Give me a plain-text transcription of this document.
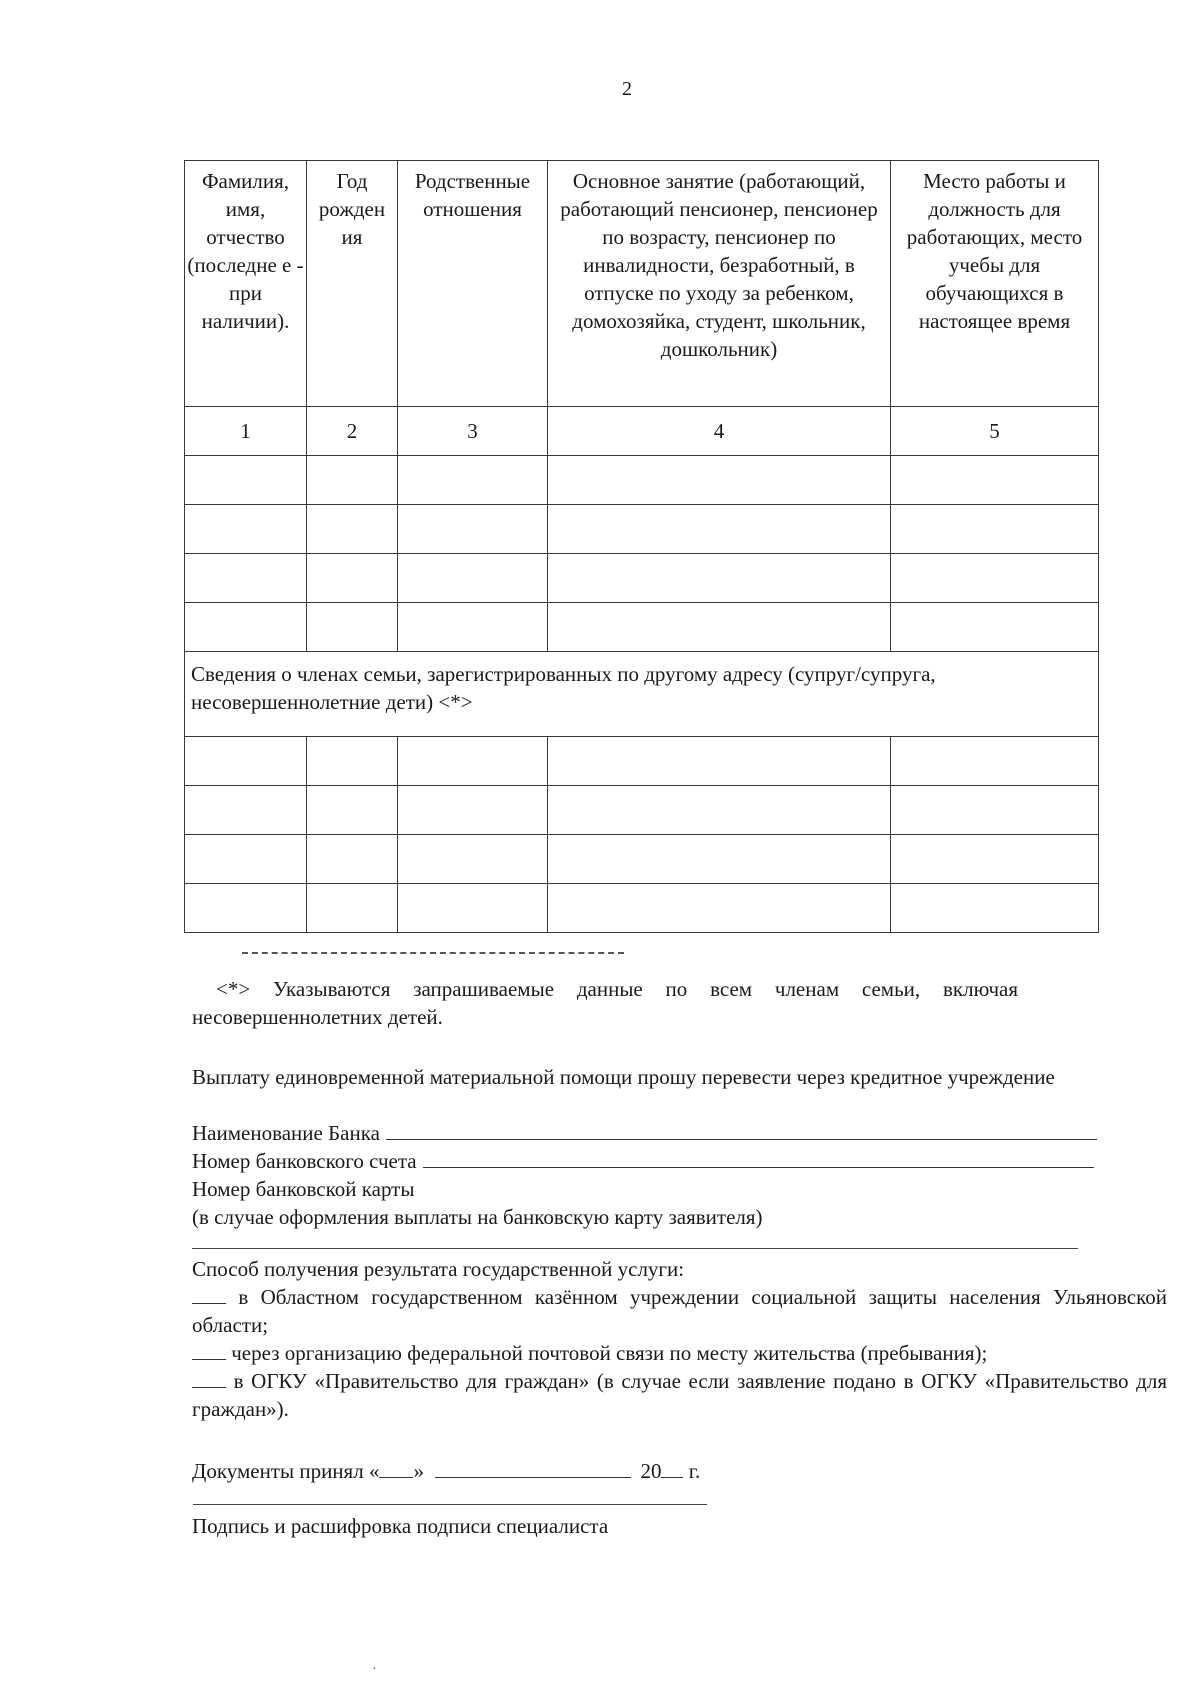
2
Фамилия, имя, отчество (последне е - при наличии).	Год рожден ия	Родственные отношения	Основное занятие (работающий, работающий пенсионер, пенсионер по возрасту, пенсионер по инвалидности, безработный, в отпуске по уходу за ребенком, домохозяйка, студент, школьник, дошкольник)	Место работы и должность для работающих, место учебы для обучающихся в настоящее время
1	2	3	4	5

Сведения о членах семьи, зарегистрированных по другому адресу (супруг/супруга, несовершеннолетние дети) <*>				

<*> Указываются запрашиваемые данные по всем членам семьи, включая несовершеннолетних детей.
Выплату единовременной материальной помощи прошу перевести через кредитное учреждение
Наименование Банка
Номер банковского счета
Номер банковской карты
(в случае оформления выплаты на банковскую карту заявителя)
Способ получения результата государственной услуги:
в Областном государственном казённом учреждении социальной защиты населения Ульяновской области;
через организацию федеральной почтовой связи по месту жительства (пребывания);
в ОГКУ «Правительство для граждан» (в случае если заявление подано в ОГКУ «Правительство для граждан»).
Документы принял « »	20 г.
Подпись и расшифровка подписи специалиста
·
